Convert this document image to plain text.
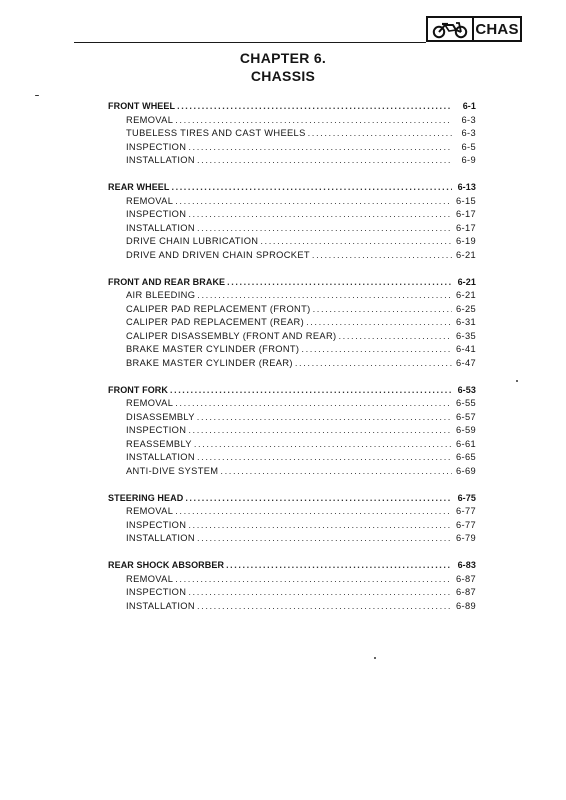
CHAS
CHAPTER 6.
CHASSIS
FRONT WHEEL .....	6-1
REMOVAL .....	6-3
TUBELESS TIRES AND CAST WHEELS .....	6-3
INSPECTION .....	6-5
INSTALLATION .....	6-9
REAR WHEEL .....	6-13
REMOVAL .....	6-15
INSPECTION .....	6-17
INSTALLATION .....	6-17
DRIVE CHAIN LUBRICATION .....	6-19
DRIVE AND DRIVEN CHAIN SPROCKET .....	6-21
FRONT AND REAR BRAKE .....	6-21
AIR BLEEDING .....	6-21
CALIPER PAD REPLACEMENT (FRONT) .....	6-25
CALIPER PAD REPLACEMENT (REAR) .....	6-31
CALIPER DISASSEMBLY (FRONT AND REAR) .....	6-35
BRAKE MASTER CYLINDER (FRONT) .....	6-41
BRAKE MASTER CYLINDER (REAR) .....	6-47
FRONT FORK .....	6-53
REMOVAL .....	6-55
DISASSEMBLY .....	6-57
INSPECTION .....	6-59
REASSEMBLY .....	6-61
INSTALLATION .....	6-65
ANTI-DIVE SYSTEM .....	6-69
STEERING HEAD .....	6-75
REMOVAL .....	6-77
INSPECTION .....	6-77
INSTALLATION .....	6-79
REAR SHOCK ABSORBER .....	6-83
REMOVAL .....	6-87
INSPECTION .....	6-87
INSTALLATION .....	6-89
